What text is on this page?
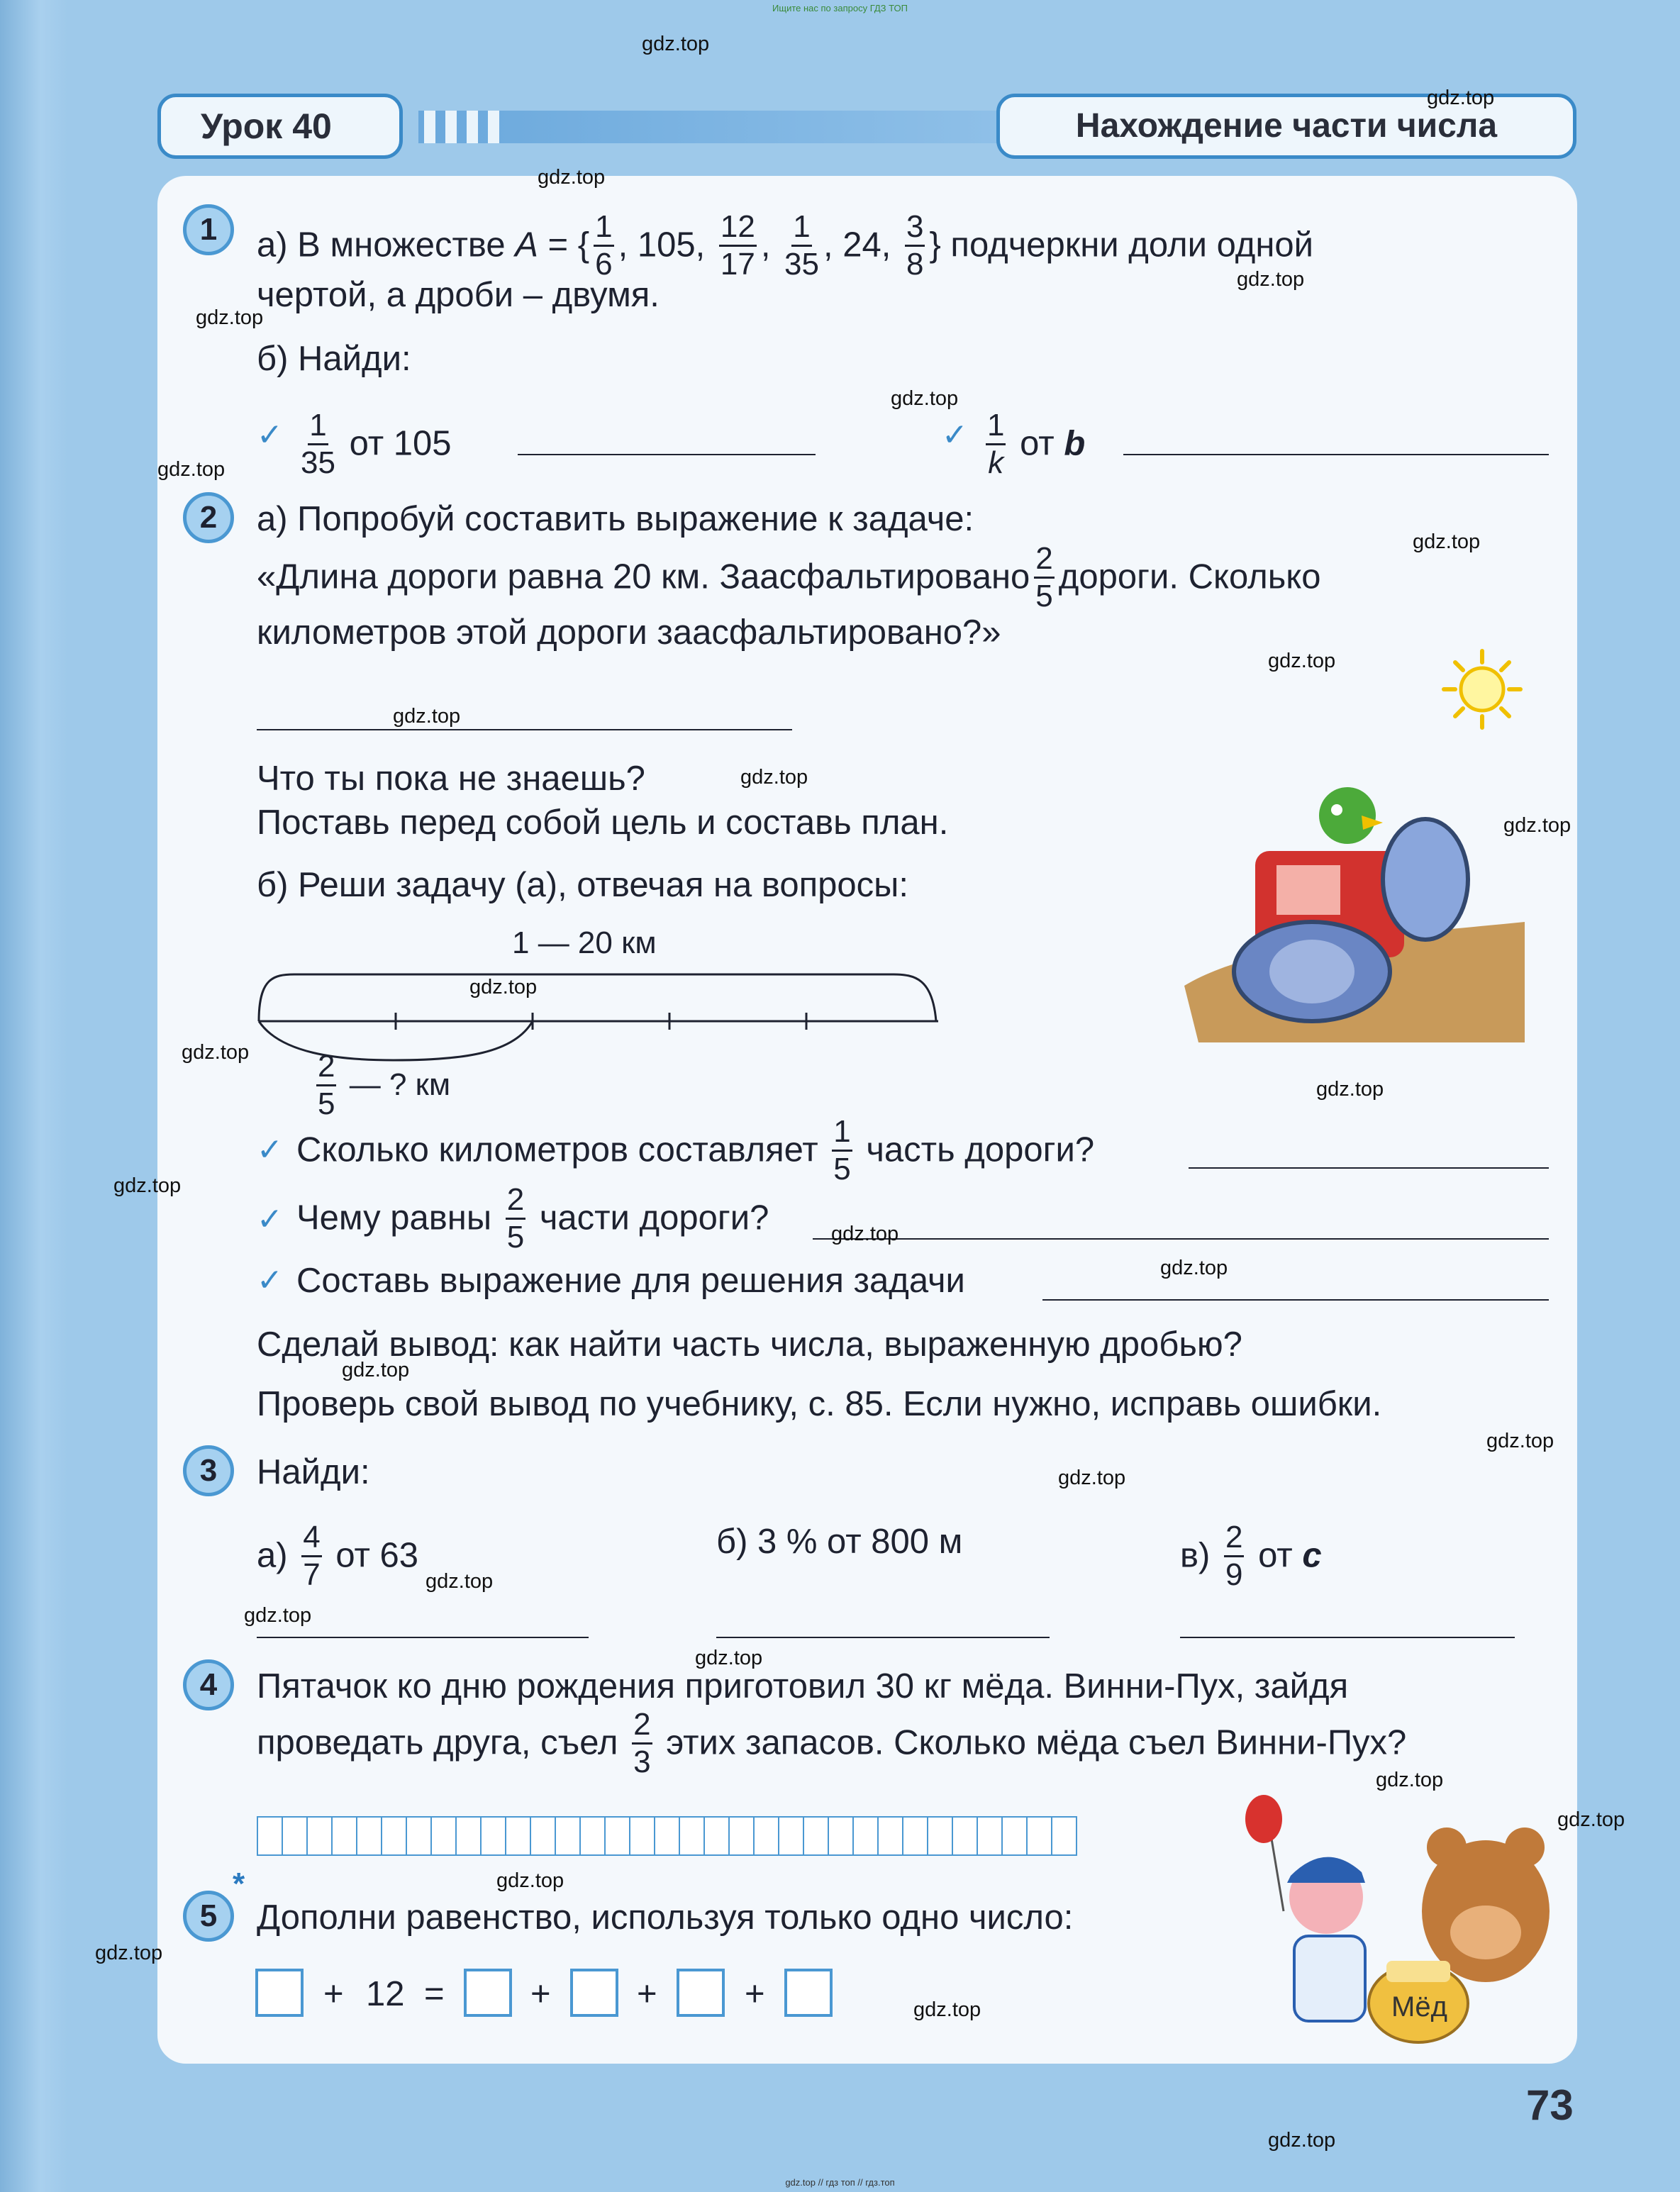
Ищите нас по запросу ГДЗ ТОП
Урок 40	Нахождение части числа
1	а) В множестве A = { $\frac{1}{6}$ , 105, $\frac{12}{17}$ , $\frac{1}{35}$ , 24, $\frac{3}{8}$ } подчеркни доли одной
чертой, а дроби – двумя.
б) Найди:
✓ $\frac{1}{35}$ от 105	✓ $\frac{1}{k}$ от b
2	а) Попробуй составить выражение к задаче:
«Длина дороги равна 20 км. Заасфальтировано $\frac{2}{5}$ дороги. Сколько
километров этой дороги заасфальтировано?»
Что ты пока не знаешь?
Поставь перед собой цель и составь план.
б) Реши задачу (а), отвечая на вопросы:
1 — 20 км
$\frac{2}{5}$ — ? км
✓ Сколько километров составляет $\frac{1}{5}$ часть дороги?
✓ Чему равны $\frac{2}{5}$ части дороги?
✓ Составь выражение для решения задачи
Сделай вывод: как найти часть числа, выраженную дробью?
Проверь свой вывод по учебнику, с. 85. Если нужно, исправь ошибки.
3	Найди:
$а) \frac{4}{7}$ от 63	б) 3 % от 800 м	$в) \frac{2}{9}$ от с
4	Пятачок ко дню рождения приготовил 30 кг мёда. Винни-Пух, зайдя
проведать друга, съел $\frac{2}{3}$ этих запасов. Сколько мёда съел Винни-Пух?
*
5	Дополни равенство, используя только одно число:
+ 12 = + +	+	Мёд
73
gdz.top
gdz.top
gdz.top
gdz.top
gdz.top
gdz.top
gdz.top
gdz.top
gdz.top
gdz.top
gdz.top
gdz.top
gdz.top
gdz.top
gdz.top
gdz.top
gdz.top
gdz.top
gdz.top
gdz.top
gdz.top
gdz.top
gdz.top
gdz.top
gdz.top
gdz.top
gdz.top
gdz.top
gdz.top
gdz.top
gdz.top // гдз топ // гдз.топ
